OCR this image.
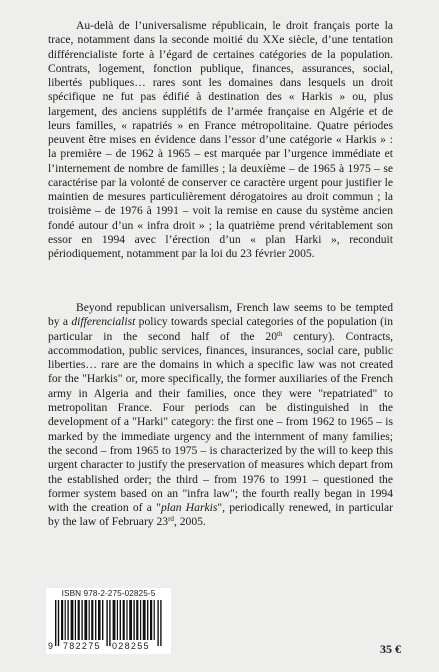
Au-delà de l’universalisme républicain, le droit français porte la trace, notamment dans la seconde moitié du XXe siècle, d’une tentation différencialiste forte à l’égard de certaines catégories de la population. Contrats, logement, fonction publique, finances, assurances, social, libertés publiques… rares sont les domaines dans lesquels un droit spécifique ne fut pas édifié à destination des « Harkis » ou, plus largement, des anciens supplétifs de l’armée française en Algérie et de leurs familles, « rapatriés » en France métropolitaine. Quatre périodes peuvent être mises en évidence dans l’essor d’une catégorie « Harkis » : la première – de 1962 à 1965 – est marquée par l’urgence immédiate et l’internement de nombre de familles ; la deuxième – de 1965 à 1975 – se caractérise par la volonté de conserver ce caractère urgent pour justifier le maintien de mesures particulièrement dérogatoires au droit commun ; la troisième – de 1976 à 1991 – voit la remise en cause du système ancien fondé autour d’un « infra droit » ; la quatrième prend véritablement son essor en 1994 avec l’érection d’un « plan Harki », reconduit périodiquement, notamment par la loi du 23 février 2005.

Beyond republican universalism, French law seems to be tempted by a differencialist policy towards special categories of the population (in particular in the second half of the 20th century). Contracts, accommodation, public services, finances, insurances, social care, public liberties… rare are the domains in which a specific law was not created for the "Harkis" or, more specifically, the former auxiliaries of the French army in Algeria and their families, once they were "repatriated" to metropolitan France. Four periods can be distinguished in the development of a "Harki" category: the first one – from 1962 to 1965 – is marked by the immediate urgency and the internment of many families; the second – from 1965 to 1975 – is characterized by the will to keep this urgent character to justify the preservation of measures which depart from the established order; the third – from 1976 to 1991 – questioned the former system based on an "infra law"; the fourth really began in 1994 with the creation of a "plan Harkis", periodically renewed, in particular by the law of February 23rd, 2005.

ISBN 978-2-275-02825-5
9 782275 028255	35 €
